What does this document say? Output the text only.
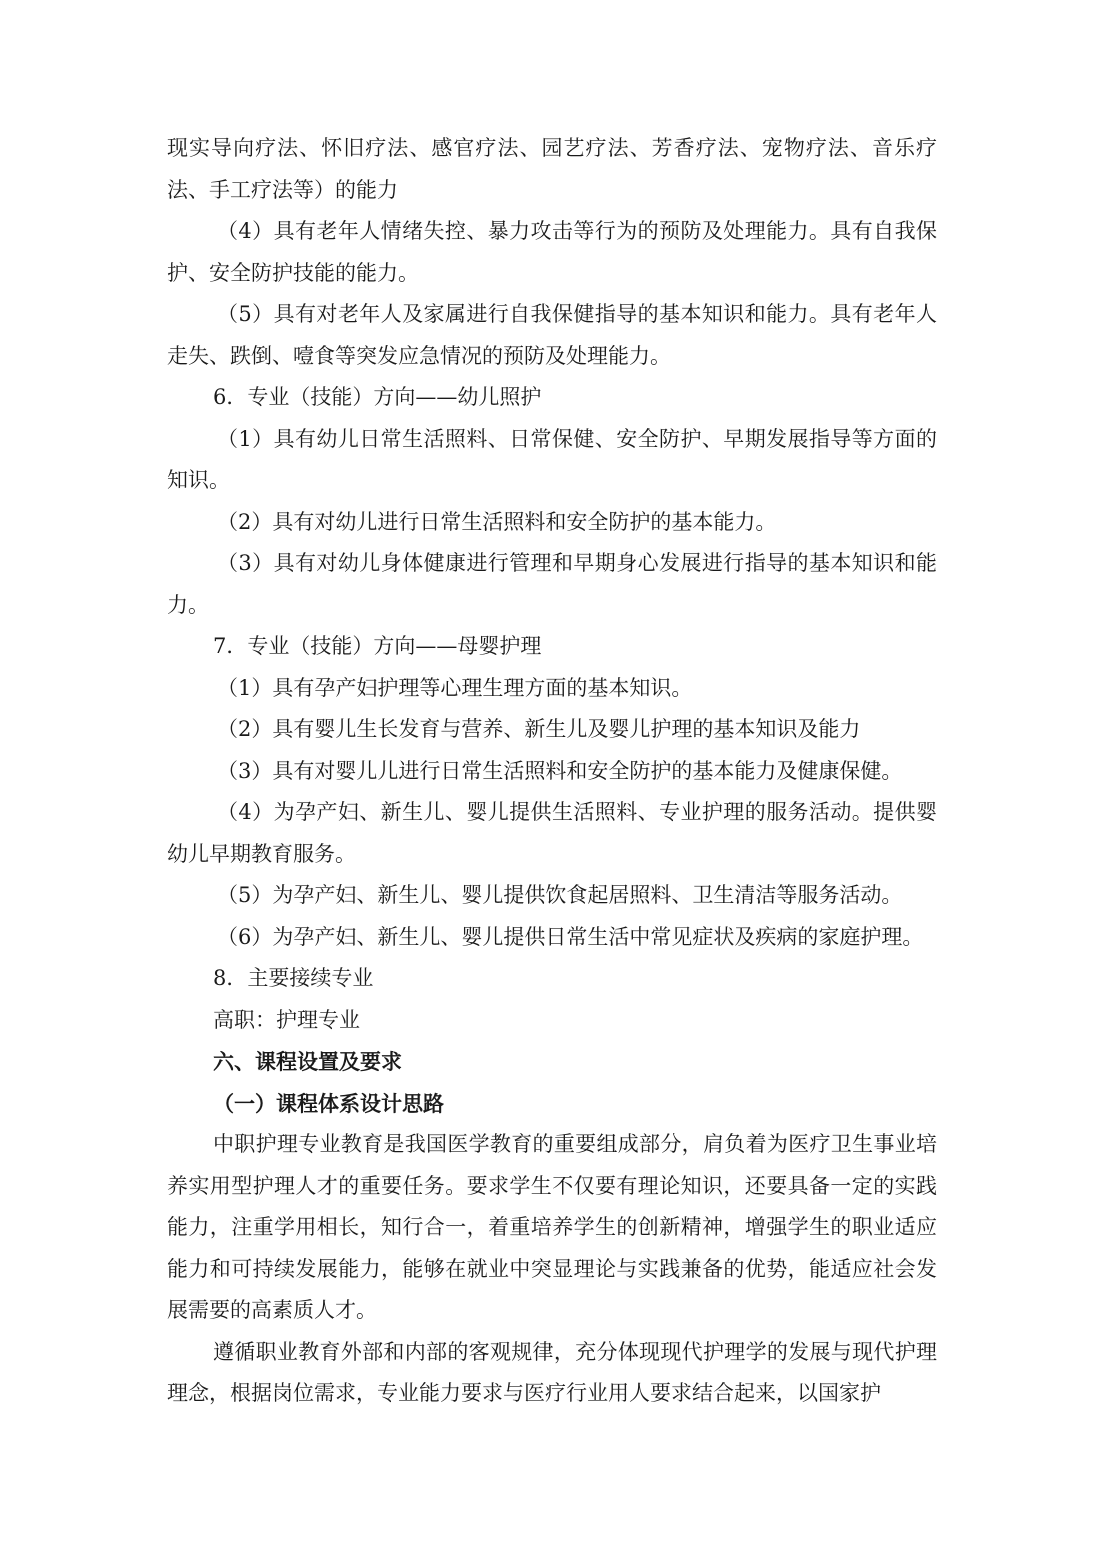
现实导向疗法、怀旧疗法、感官疗法、园艺疗法、芳香疗法、宠物疗法、音乐疗法、手工疗法等）的能力

（4）具有老年人情绪失控、暴力攻击等行为的预防及处理能力。具有自我保护、安全防护技能的能力。

（5）具有对老年人及家属进行自我保健指导的基本知识和能力。具有老年人走失、跌倒、噎食等突发应急情况的预防及处理能力。

6．专业（技能）方向——幼儿照护

（1）具有幼儿日常生活照料、日常保健、安全防护、早期发展指导等方面的知识。

（2）具有对幼儿进行日常生活照料和安全防护的基本能力。

（3）具有对幼儿身体健康进行管理和早期身心发展进行指导的基本知识和能力。

7．专业（技能）方向——母婴护理

（1）具有孕产妇护理等心理生理方面的基本知识。

（2）具有婴儿生长发育与营养、新生儿及婴儿护理的基本知识及能力

（3）具有对婴儿儿进行日常生活照料和安全防护的基本能力及健康保健。

（4）为孕产妇、新生儿、婴儿提供生活照料、专业护理的服务活动。提供婴幼儿早期教育服务。

（5）为孕产妇、新生儿、婴儿提供饮食起居照料、卫生清洁等服务活动。

（6）为孕产妇、新生儿、婴儿提供日常生活中常见症状及疾病的家庭护理。

8．主要接续专业

高职：护理专业

六、课程设置及要求

（一）课程体系设计思路

中职护理专业教育是我国医学教育的重要组成部分，肩负着为医疗卫生事业培养实用型护理人才的重要任务。要求学生不仅要有理论知识，还要具备一定的实践能力，注重学用相长，知行合一，着重培养学生的创新精神，增强学生的职业适应能力和可持续发展能力，能够在就业中突显理论与实践兼备的优势，能适应社会发展需要的高素质人才。

遵循职业教育外部和内部的客观规律，充分体现现代护理学的发展与现代护理理念，根据岗位需求，专业能力要求与医疗行业用人要求结合起来，以国家护
